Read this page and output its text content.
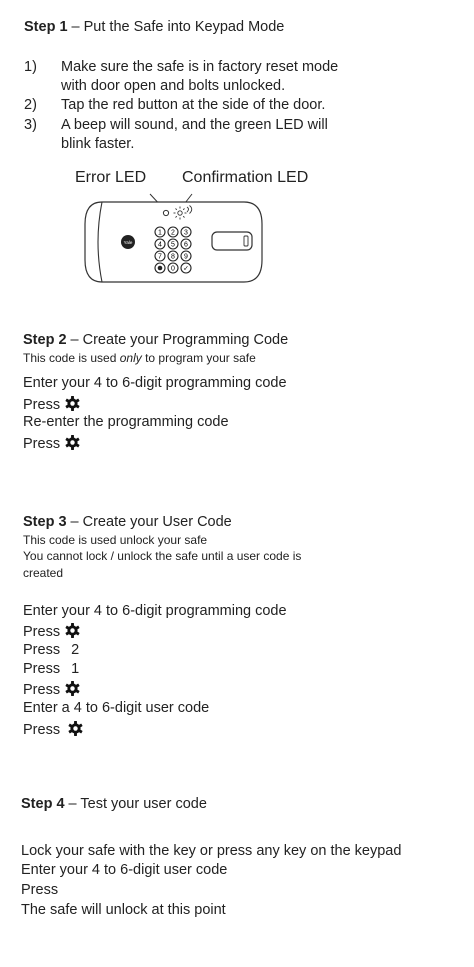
Step 1 – Put the Safe into Keypad Mode
1) Make sure the safe is in factory reset mode
with door open and bolts unlocked.
2) Tap the red button at the side of the door.
3) A beep will sound, and the green LED will
blink faster.
Error LED Confirmation LED
Yale
1 2 3
4 5 6
7 8 9
0 ✓
Step 2 – Create your Programming Code
This code is used only to program your safe
Enter your 4 to 6-digit programming code
Press
Re-enter the programming code
Press
Step 3 – Create your User Code
This code is used unlock your safe
You cannot lock / unlock the safe until a user code is
created
Enter your 4 to 6-digit programming code
Press
Press 2
Press 1
Press
Enter a 4 to 6-digit user code
Press
Step 4 – Test your user code
Lock your safe with the key or press any key on the keypad
Enter your 4 to 6-digit user code
Press
The safe will unlock at this point
